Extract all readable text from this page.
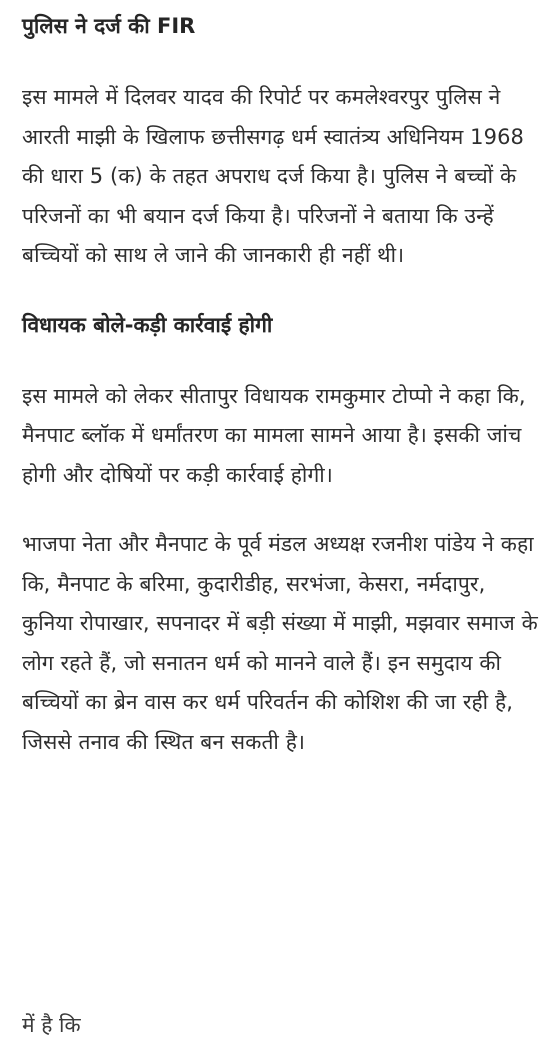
पुलिस ने दर्ज की FIR

इस मामले में दिलवर यादव की रिपोर्ट पर कमलेश्वरपुर पुलिस ने आरती माझी के खिलाफ छत्तीसगढ़ धर्म स्वातंत्र्य अधिनियम 1968 की धारा 5 (क) के तहत अपराध दर्ज किया है। पुलिस ने बच्चों के परिजनों का भी बयान दर्ज किया है। परिजनों ने बताया कि उन्हें बच्चियों को साथ ले जाने की जानकारी ही नहीं थी।

विधायक बोले-कड़ी कार्रवाई होगी

इस मामले को लेकर सीतापुर विधायक रामकुमार टोप्पो ने कहा कि, मैनपाट ब्लॉक में धर्मांतरण का मामला सामने आया है। इसकी जांच होगी और दोषियों पर कड़ी कार्रवाई होगी।

भाजपा नेता और मैनपाट के पूर्व मंडल अध्यक्ष रजनीश पांडेय ने कहा कि, मैनपाट के बरिमा, कुदारीडीह, सरभंजा, केसरा, नर्मदापुर, कुनिया रोपाखार, सपनादर में बड़ी संख्या में माझी, मझवार समाज के लोग रहते हैं, जो सनातन धर्म को मानने वाले हैं। इन समुदाय की बच्चियों का ब्रेन वास कर धर्म परिवर्तन की कोशिश की जा रही है, जिससे तनाव की स्थित बन सकती है।

में है कि
